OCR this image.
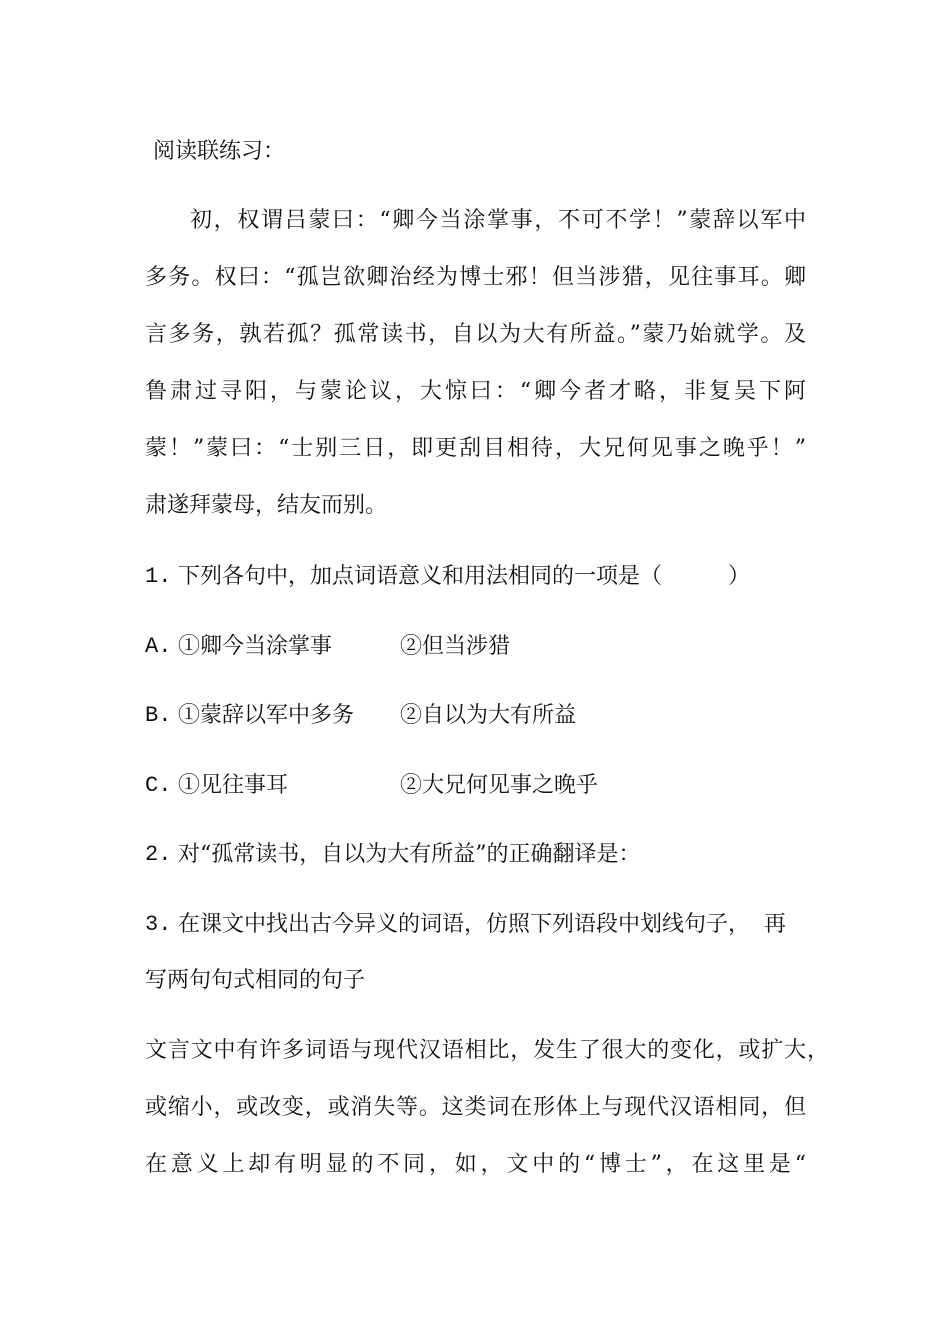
阅读联练习：
初，权谓吕蒙曰：“卿今当涂掌事，不可不学！”蒙辞以军中
多务。权曰：“孤岂欲卿治经为博士邪！但当涉猎，见往事耳。卿
言多务，孰若孤？孤常读书，自以为大有所益。”蒙乃始就学。及
鲁肃过寻阳，与蒙论议，大惊曰：“卿今者才略，非复吴下阿
蒙！”蒙曰：“士别三日，即更刮目相待，大兄何见事之晚乎！”
肃遂拜蒙母，结友而别。
1. 下列各句中，加点词语意义和用法相同的一项是（　　　）
A. ①卿今当涂掌事	②但当涉猎
B. ①蒙辞以军中多务 ②自以为大有所益
C. ①见往事耳	②大兄何见事之晚乎
2. 对“孤常读书，自以为大有所益”的正确翻译是：
3. 在课文中找出古今异义的词语，仿照下列语段中划线句子，  再
写两句句式相同的句子
文言文中有许多词语与现代汉语相比，发生了很大的变化，或扩大，
或缩小，或改变，或消失等。这类词在形体上与现代汉语相同，但
在意义上却有明显的不同，如，文中的“博士”，在这里是“
